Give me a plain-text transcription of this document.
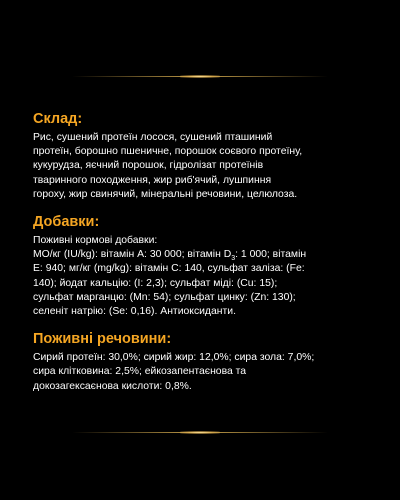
Склад:
Рис, сушений протеїн лосося, сушений пташиний
протеїн, борошно пшеничне, порошок соєвого протеїну,
кукурудза, яєчний порошок, гідролізат протеїнів
тваринного походження, жир риб'ячий, лушпиння
гороху, жир свинячий, мінеральні речовини, целюлоза.
Добавки:
Поживні кормові добавки:
МО/кг (IU/kg): вітамін А: 30 000; вітамін $D_3$: 1 000; вітамін
Е: 940; мг/кг (mg/kg): вітамін С: 140, сульфат заліза: (Fe:
140); йодат кальцію: (I: 2,3); сульфат міді: (Cu: 15);
сульфат марганцю: (Mn: 54); сульфат цинку: (Zn: 130);
селеніт натрію: (Se: 0,16). Антиоксиданти.
Поживні речовини:
Сирий протеїн: 30,0%; сирий жир: 12,0%; сира зола: 7,0%;
сира клітковина: 2,5%; ейкозапентаєнова та
докозагексаєнова кислоти: 0,8%.
